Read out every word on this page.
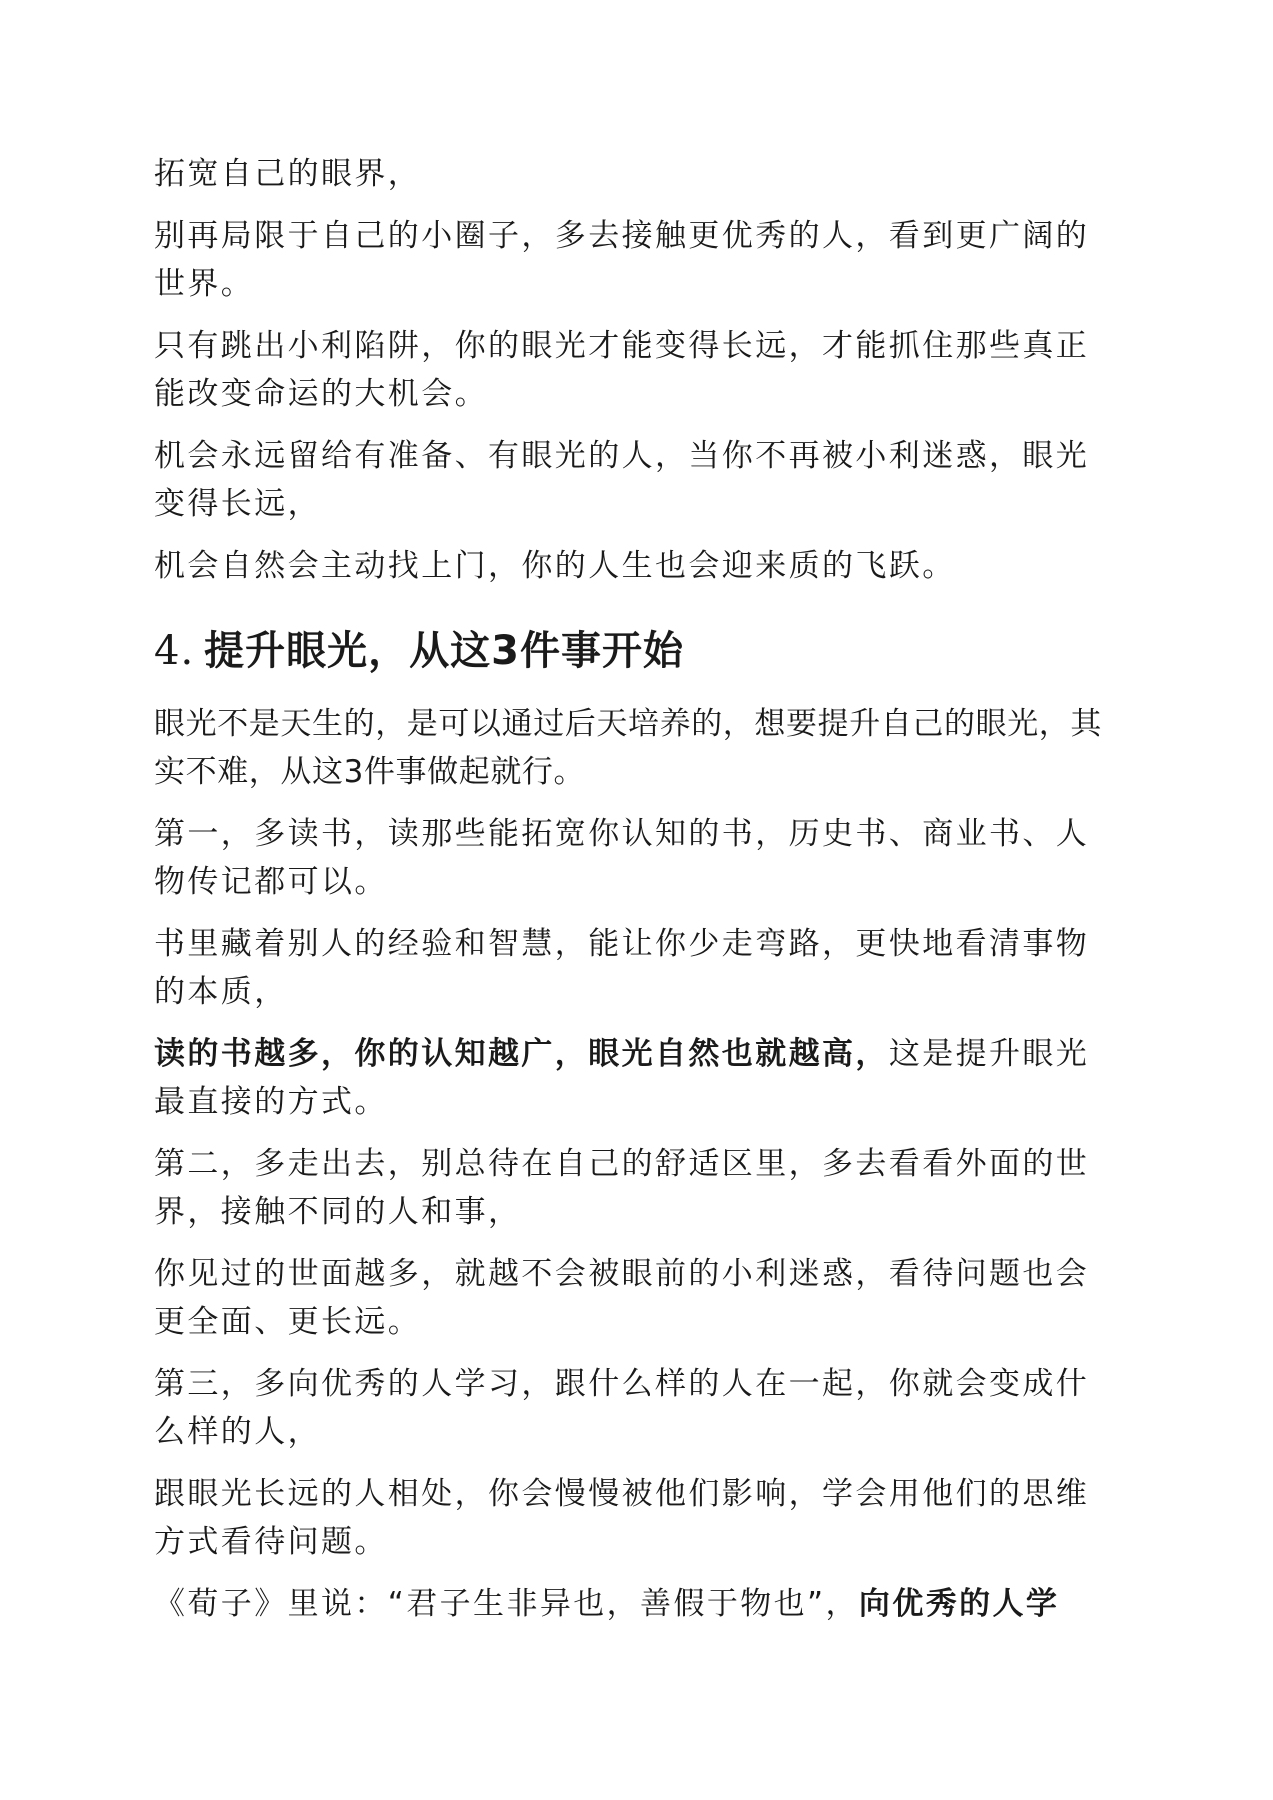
拓宽自己的眼界，

别再局限于自己的小圈子，多去接触更优秀的人，看到更广阔的世界。

只有跳出小利陷阱，你的眼光才能变得长远，才能抓住那些真正能改变命运的大机会。

机会永远留给有准备、有眼光的人，当你不再被小利迷惑，眼光变得长远，

机会自然会主动找上门，你的人生也会迎来质的飞跃。

4. 提升眼光，从这3件事开始

眼光不是天生的，是可以通过后天培养的，想要提升自己的眼光，其实不难，从这3件事做起就行。

第一，多读书，读那些能拓宽你认知的书，历史书、商业书、人物传记都可以。

书里藏着别人的经验和智慧，能让你少走弯路，更快地看清事物的本质，

读的书越多，你的认知越广，眼光自然也就越高，这是提升眼光最直接的方式。

第二，多走出去，别总待在自己的舒适区里，多去看看外面的世界，接触不同的人和事，

你见过的世面越多，就越不会被眼前的小利迷惑，看待问题也会更全面、更长远。

第三，多向优秀的人学习，跟什么样的人在一起，你就会变成什么样的人，

跟眼光长远的人相处，你会慢慢被他们影响，学会用他们的思维方式看待问题。

《荀子》里说：“君子生非异也，善假于物也”，向优秀的人学
